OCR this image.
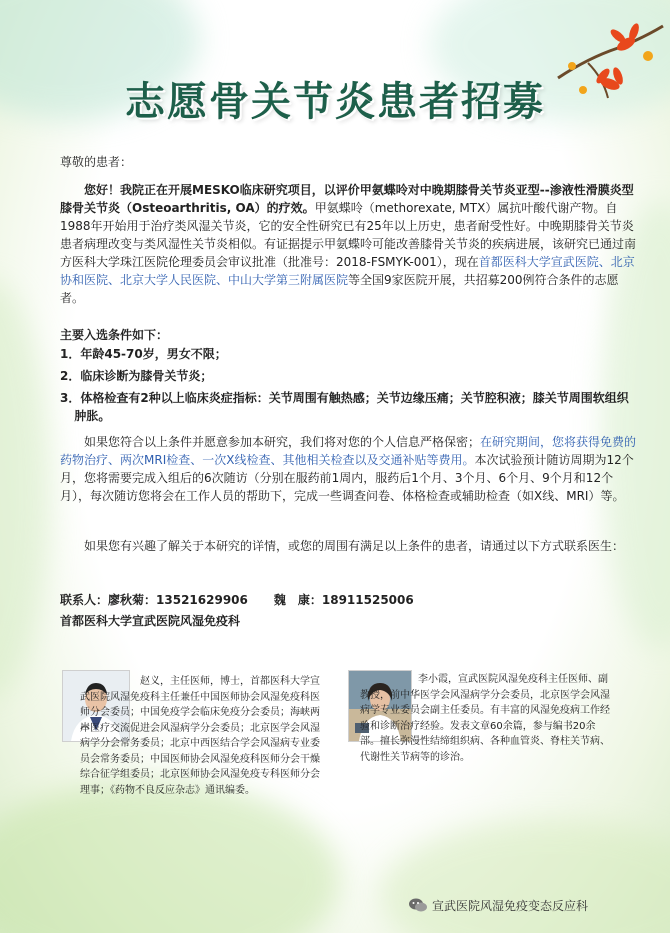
志愿骨关节炎患者招募
尊敬的患者：
您好！我院正在开展MESKO临床研究项目，以评价甲氨蝶呤对中晚期膝骨关节炎亚型--渗液性滑膜炎型膝骨关节炎（Osteoarthritis, OA）的疗效。甲氨蝶呤（methorexate, MTX）属抗叶酸代谢产物。自1988年开始用于治疗类风湿关节炎，它的安全性研究已有25年以上历史，患者耐受性好。中晚期膝骨关节炎患者病理改变与类风湿性关节炎相似。有证据提示甲氨蝶呤可能改善膝骨关节炎的疾病进展，该研究已通过南方医科大学珠江医院伦理委员会审议批准（批准号：2018-FSMYK-001），现在首都医科大学宣武医院、北京协和医院、北京大学人民医院、中山大学第三附属医院等全国9家医院开展，共招募200例符合条件的志愿者。
主要入选条件如下：
1．年龄45-70岁，男女不限；
2．临床诊断为膝骨关节炎；
3．体格检查有2种以上临床炎症指标：关节周围有触热感；关节边缘压痛；关节腔积液；膝关节周围软组织肿胀。
如果您符合以上条件并愿意参加本研究，我们将对您的个人信息严格保密；在研究期间，您将获得免费的药物治疗、两次MRI检查、一次X线检查、其他相关检查以及交通补贴等费用。本次试验预计随访周期为12个月，您将需要完成入组后的6次随访（分别在服药前1周内，服药后1个月、3个月、6个月、9个月和12个月），每次随访您将会在工作人员的帮助下，完成一些调查问卷、体格检查或辅助检查（如X线、MRI）等。
如果您有兴趣了解关于本研究的详情，或您的周围有满足以上条件的患者，请通过以下方式联系医生：
联系人：廖秋菊：13521629906 魏　康：18911525006
首都医科大学宣武医院风湿免疫科
赵义，主任医师，博士，首都医科大学宣武医院风湿免疫科主任兼任中国医师协会风湿免疫科医师分会委员；中国免疫学会临床免疫分会委员；海峡两岸医疗交流促进会风湿病学分会委员；北京医学会风湿病学分会常务委员；北京中西医结合学会风湿病专业委员会常务委员；中国医师协会风湿免疫科医师分会干燥综合征学组委员；北京医师协会风湿免疫专科医师分会理事；《药物不良反应杂志》通讯编委。
李小霞，宣武医院风湿免疫科主任医师、副教授，前中华医学会风湿病学分会委员，北京医学会风湿病学专业委员会副主任委员。有丰富的风湿免疫病工作经验和诊断治疗经验。发表文章60余篇，参与编书20余部。擅长弥漫性结缔组织病、各种血管炎、脊柱关节病、代谢性关节病等的诊治。
宣武医院风湿免疫变态反应科
